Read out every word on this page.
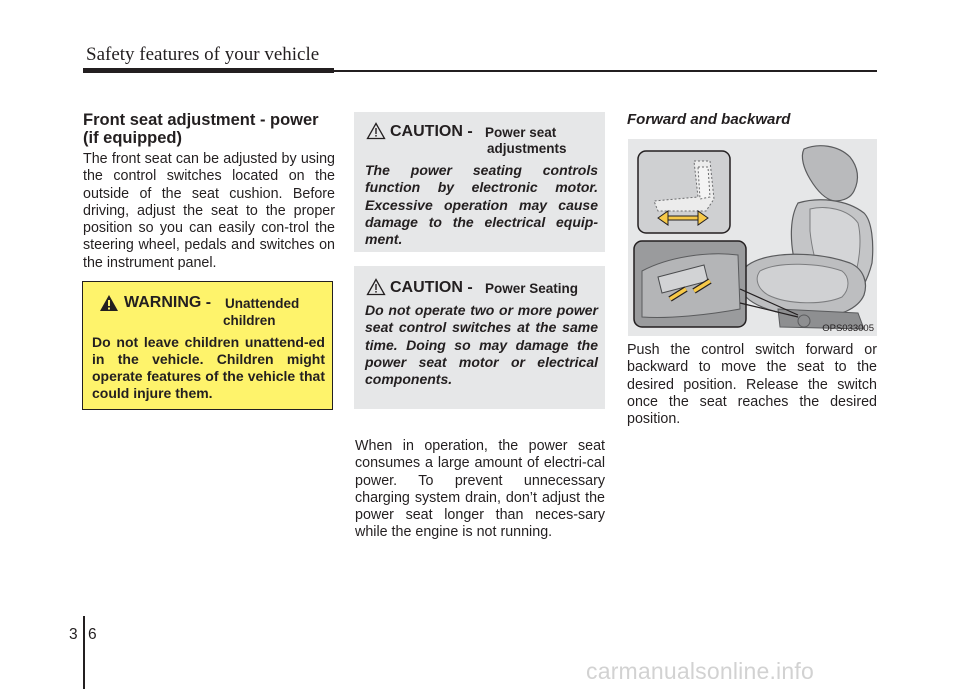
Safety features of your vehicle
Front seat adjustment - power (if equipped)
The front seat can be adjusted by using the control switches located on the outside of the seat cushion. Before driving, adjust the seat to the proper position so you can easily con-trol the steering wheel, pedals and switches on the instrument panel.
WARNING - Unattended
children
Do not leave children unattend-ed in the vehicle. Children might operate features of the vehicle that could injure them.
CAUTION - Power seat
adjustments
The power seating controls function by electronic motor. Excessive operation may cause damage to the electrical equip-ment.
CAUTION - Power Seating
Do not operate two or more power seat control switches at the same time. Doing so may damage the power seat motor or electrical components.
When in operation, the power seat consumes a large amount of electri-cal power. To prevent unnecessary charging system drain, don’t adjust the power seat longer than neces-sary while the engine is not running.
Forward and backward
OPS033005
Push the control switch forward or backward to move the seat to the desired position. Release the switch once the seat reaches the desired position.
3 6
carmanualsonline.info
